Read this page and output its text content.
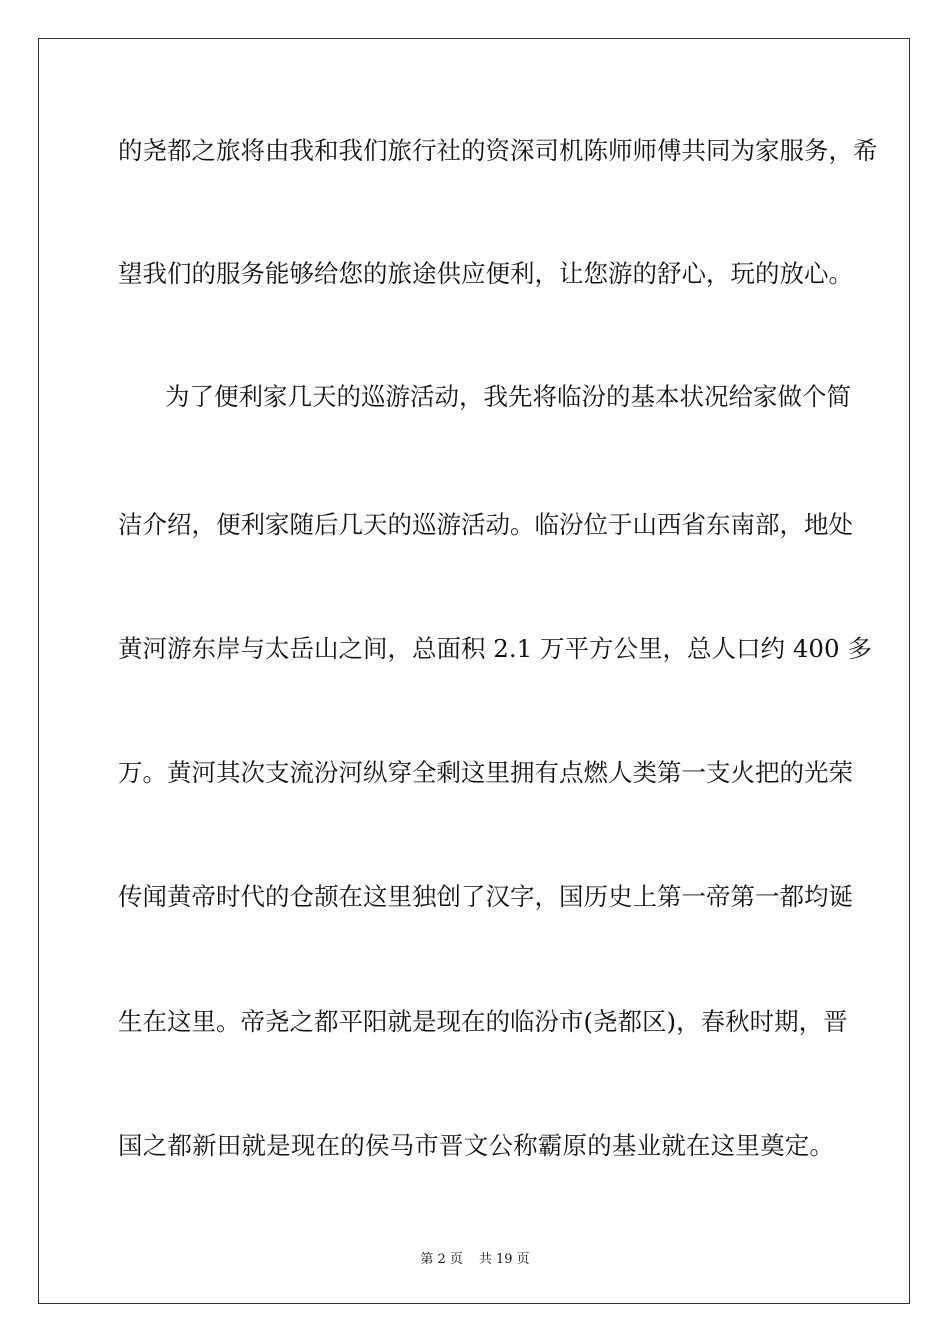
的尧都之旅将由我和我们旅行社的资深司机陈师师傅共同为家服务，希
望我们的服务能够给您的旅途供应便利，让您游的舒心，玩的放心。
为了便利家几天的巡游活动，我先将临汾的基本状况给家做个简
洁介绍，便利家随后几天的巡游活动。临汾位于山西省东南部，地处
黄河游东岸与太岳山之间，总面积 2.1 万平方公里，总人口约 400 多
万。黄河其次支流汾河纵穿全剩这里拥有点燃人类第一支火把的光荣
传闻黄帝时代的仓颉在这里独创了汉字，国历史上第一帝第一都均诞
生在这里。帝尧之都平阳就是现在的临汾市(尧都区)，春秋时期，晋
国之都新田就是现在的侯马市晋文公称霸原的基业就在这里奠定。
第 2 页 共 19 页
